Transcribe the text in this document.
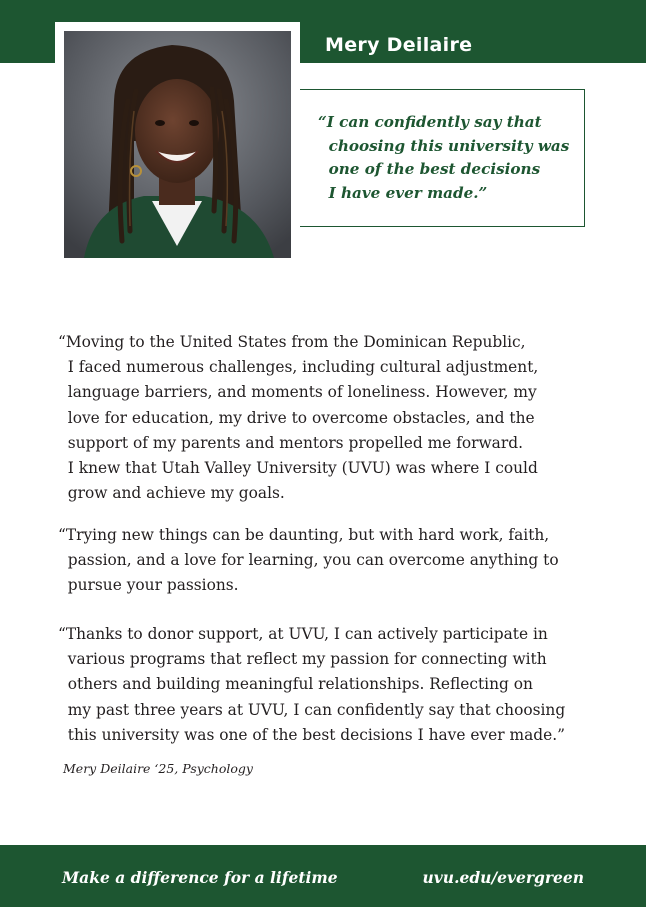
Mery Deilaire
“I can confidently say that
choosing this university was
one of the best decisions
I have ever made.”
“Moving to the United States from the Dominican Republic,
I faced numerous challenges, including cultural adjustment,
language barriers, and moments of loneliness. However, my
love for education, my drive to overcome obstacles, and the
support of my parents and mentors propelled me forward.
I knew that Utah Valley University (UVU) was where I could
grow and achieve my goals.
“Trying new things can be daunting, but with hard work, faith,
passion, and a love for learning, you can overcome anything to
pursue your passions.
“Thanks to donor support, at UVU, I can actively participate in
various programs that reflect my passion for connecting with
others and building meaningful relationships. Reflecting on
my past three years at UVU, I can confidently say that choosing
this university was one of the best decisions I have ever made.”
Mery Deilaire ‘25, Psychology
Make a difference for a lifetime	uvu.edu/evergreen
